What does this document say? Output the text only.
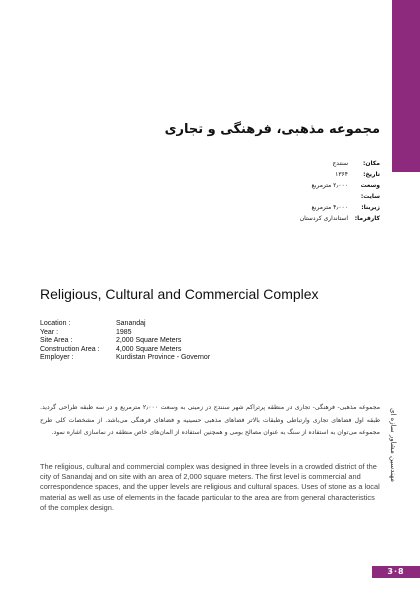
مجموعه مذهبی، فرهنگی و تجاری
مکان:
سنندج
تاریخ:
۱۳۶۴
وسعت سایت:
۲٫۰۰۰ مترمربع
زیربنا:
۴٫۰۰۰ مترمربع
کارفرما:
استانداری کردستان
Religious, Cultural and Commercial Complex
Location :	Sanandaj
Year :	1985
Site Area :	2,000 Square Meters
Construction Area :	4,000 Square Meters
Employer :	Kurdistan Province - Governor
مجموعه مذهبی- فرهنگی- تجاری در منطقه پرتراکم شهر سنندج در زمینی به وسعت ۲٫۰۰۰ مترمربع و در سه طبقه طراحی گردید. طبقه اول فضاهای تجاری وارتباطی وطبقات بالاتر فضاهای مذهبی حسینیه و فضاهای فرهنگی می‌باشد. از مشخصات کلی طرح مجموعه می‌توان به استفاده از سنگ به عنوان مصالح بومی و همچنین استفاده از المان‌های خاص منطقه در نماسازی اشاره نمود.
The religious, cultural and commercial complex was designed in three levels in a crowded district of the city of Sanandaj and on site with an area of 2,000 square meters. The first level is commercial and correspondence spaces, and the upper levels are religious and cultural spaces. Uses of stone as a local material as well as use of elements in the facade particular to the area are from general characteristics of the complex design.
مهندسین مشاور سازه ای
3·8
